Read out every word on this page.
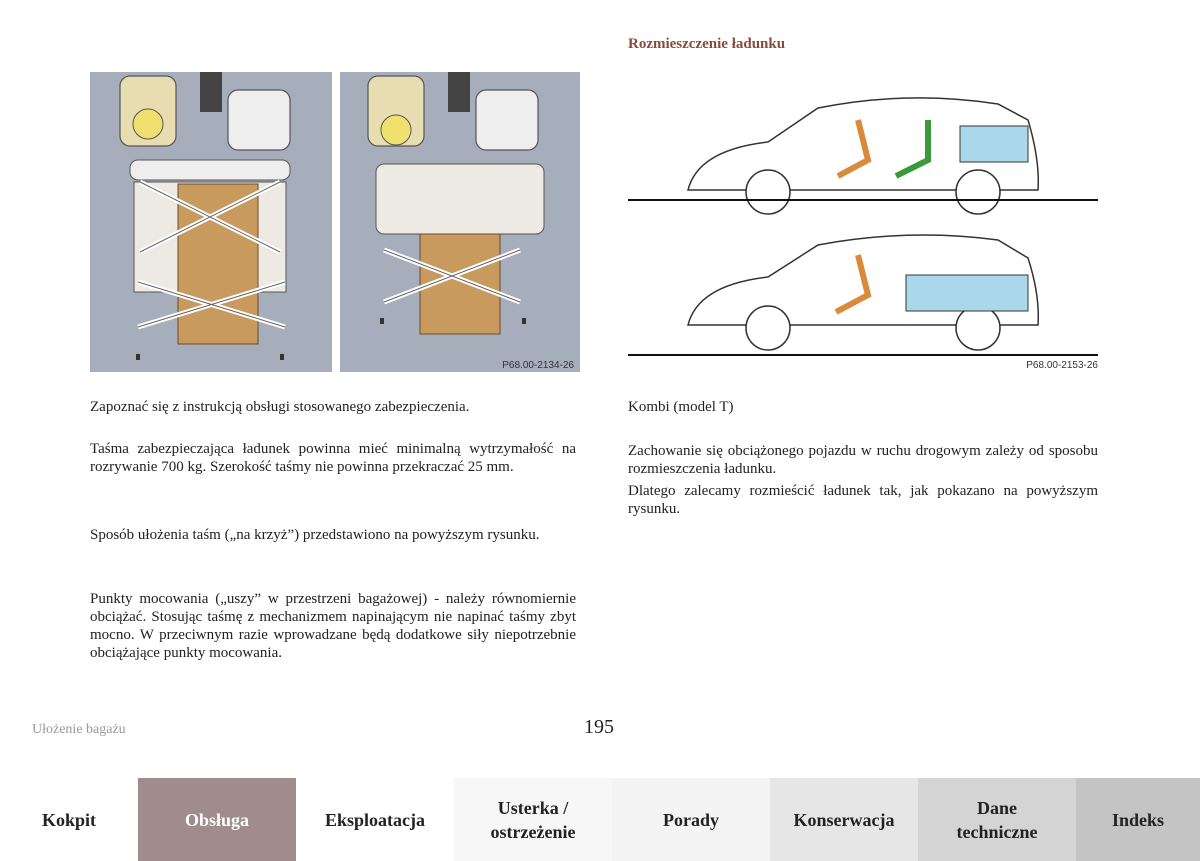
P68.00-2134-26
Rozmieszczenie ładunku
P68.00-2153-26
Zapoznać się z instrukcją obsługi stosowanego zabezpieczenia.
Taśma zabezpieczająca ładunek powinna mieć minimalną wytrzymałość na rozrywanie 700 kg. Szerokość taśmy nie powinna przekraczać 25 mm.
Sposób ułożenia taśm („na krzyż”) przedstawiono na powyższym rysunku.
Punkty mocowania („uszy” w przestrzeni bagażowej) - należy równomiernie obciążać. Stosując taśmę z mechanizmem napinającym nie napinać taśmy zbyt mocno. W przeciwnym razie wprowadzane będą dodatkowe siły niepotrzebnie obciążające punkty mocowania.
Kombi (model T)
Zachowanie się obciążonego pojazdu w ruchu drogowym zależy od sposobu rozmieszczenia ładunku.
Dlatego zalecamy rozmieścić ładunek tak, jak pokazano na powyższym rysunku.
Ułożenie bagażu	195
Kokpit	Obsługa	Eksploatacja
Usterka / ostrzeżenie
Porady	Konserwacja
Dane techniczne
Indeks
